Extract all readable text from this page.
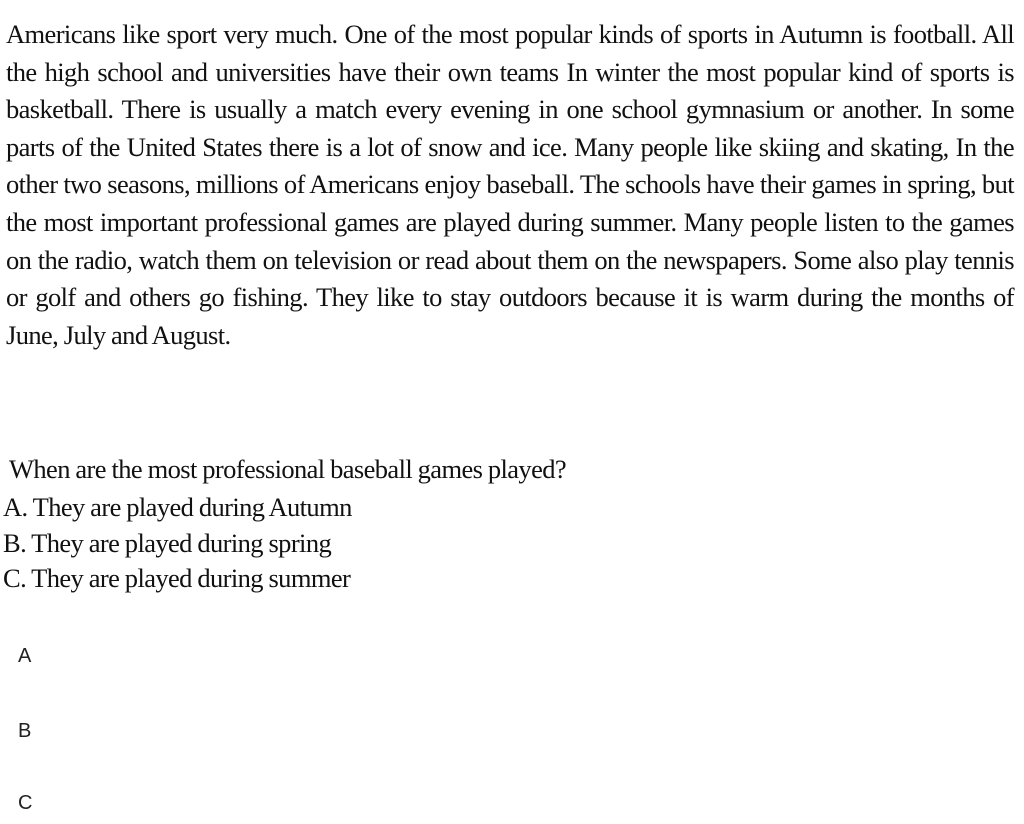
Americans like sport very much. One of the most popular kinds of sports in Autumn is football. All the high school and universities have their own teams In winter the most popular kind of sports is basketball. There is usually a match every evening in one school gymnasium or another. In some parts of the United States there is a lot of snow and ice. Many people like skiing and skating, In the other two seasons, millions of Americans enjoy baseball. The schools have their games in spring, but the most important professional games are played during summer. Many people listen to the games on the radio, watch them on television or read about them on the newspapers. Some also play tennis or golf and others go fishing. They like to stay outdoors because it is warm during the months of June, July and August.

When are the most professional baseball games played?

A. They are played during Autumn
B. They are played during spring
C. They are played during summer
A
B
C
